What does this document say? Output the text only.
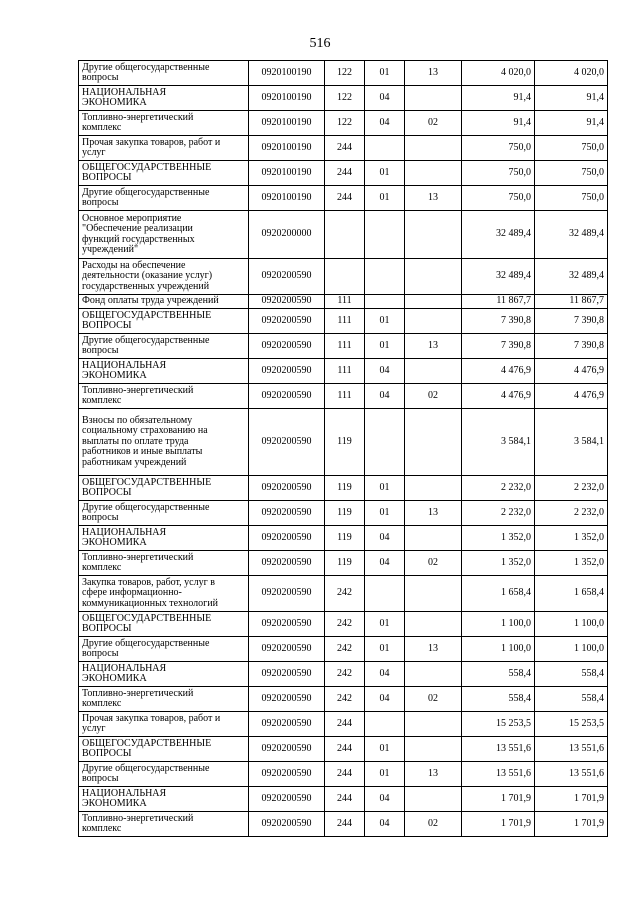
516
Другие общегосударственные
вопросы	0920100190	122	01	13	4 020,0	4 020,0
НАЦИОНАЛЬНАЯ
ЭКОНОМИКА	0920100190	122	04		91,4	91,4
Топливно-энергетический
комплекс	0920100190	122	04	02	91,4	91,4
Прочая закупка товаров, работ и
услуг	0920100190	244			750,0	750,0
ОБЩЕГОСУДАРСТВЕННЫЕ
ВОПРОСЫ	0920100190	244	01		750,0	750,0
Другие общегосударственные
вопросы	0920100190	244	01	13	750,0	750,0
Основное мероприятие
"Обеспечение реализации
функций государственных
учреждений"	0920200000				32 489,4	32 489,4
Расходы на обеспечение
деятельности (оказание услуг)
государственных учреждений	0920200590				32 489,4	32 489,4
Фонд оплаты труда учреждений	0920200590	111			11 867,7	11 867,7
ОБЩЕГОСУДАРСТВЕННЫЕ
ВОПРОСЫ	0920200590	111	01		7 390,8	7 390,8
Другие общегосударственные
вопросы	0920200590	111	01	13	7 390,8	7 390,8
НАЦИОНАЛЬНАЯ
ЭКОНОМИКА	0920200590	111	04		4 476,9	4 476,9
Топливно-энергетический
комплекс	0920200590	111	04	02	4 476,9	4 476,9
Взносы по обязательному
социальному страхованию на
выплаты по оплате труда
работников и иные выплаты
работникам учреждений	0920200590	119			3 584,1	3 584,1
ОБЩЕГОСУДАРСТВЕННЫЕ
ВОПРОСЫ	0920200590	119	01		2 232,0	2 232,0
Другие общегосударственные
вопросы	0920200590	119	01	13	2 232,0	2 232,0
НАЦИОНАЛЬНАЯ
ЭКОНОМИКА	0920200590	119	04		1 352,0	1 352,0
Топливно-энергетический
комплекс	0920200590	119	04	02	1 352,0	1 352,0
Закупка товаров, работ, услуг в
сфере информационно-
коммуникационных технологий	0920200590	242			1 658,4	1 658,4
ОБЩЕГОСУДАРСТВЕННЫЕ
ВОПРОСЫ	0920200590	242	01		1 100,0	1 100,0
Другие общегосударственные
вопросы	0920200590	242	01	13	1 100,0	1 100,0
НАЦИОНАЛЬНАЯ
ЭКОНОМИКА	0920200590	242	04		558,4	558,4
Топливно-энергетический
комплекс	0920200590	242	04	02	558,4	558,4
Прочая закупка товаров, работ и
услуг	0920200590	244			15 253,5	15 253,5
ОБЩЕГОСУДАРСТВЕННЫЕ
ВОПРОСЫ	0920200590	244	01		13 551,6	13 551,6
Другие общегосударственные
вопросы	0920200590	244	01	13	13 551,6	13 551,6
НАЦИОНАЛЬНАЯ
ЭКОНОМИКА	0920200590	244	04		1 701,9	1 701,9
Топливно-энергетический
комплекс	0920200590	244	04	02	1 701,9	1 701,9
